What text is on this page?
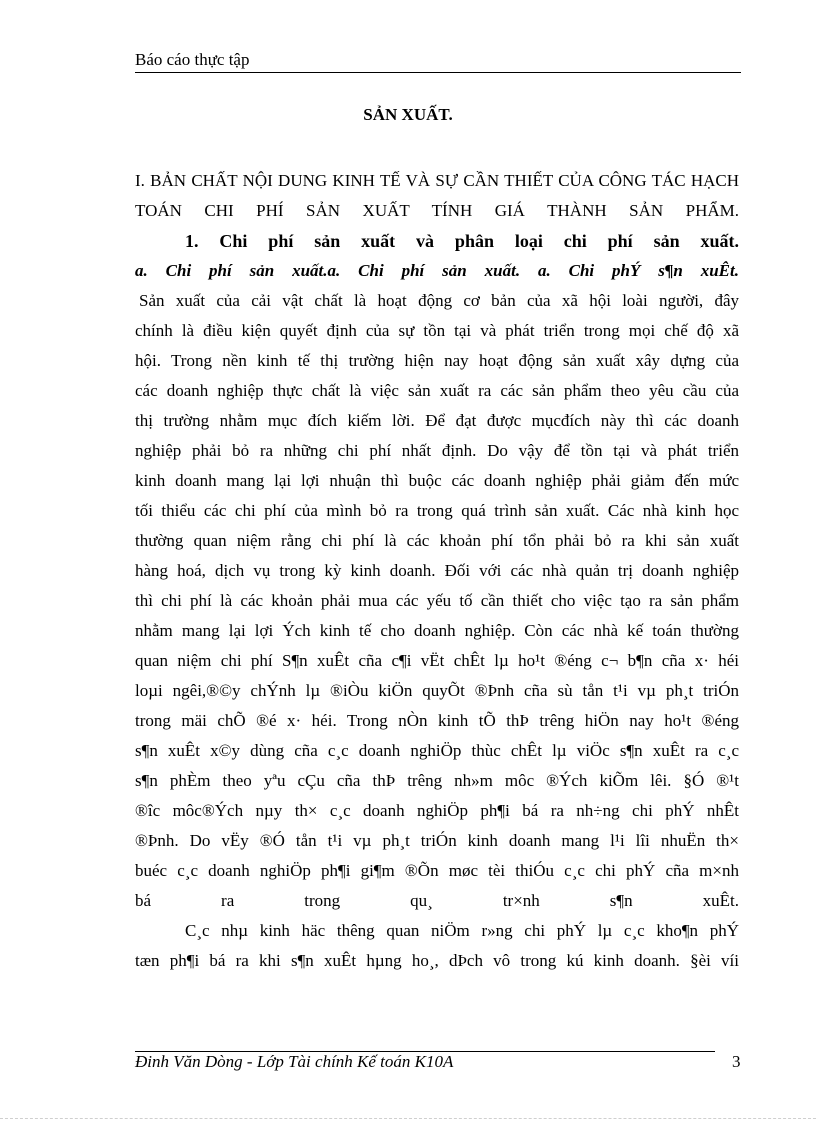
Báo cáo thực tập
SẢN XUẤT.
I. BẢN CHẤT NỘI DUNG KINH TẾ VÀ SỰ CẦN THIẾT CỦA CÔNG TÁC HẠCH
TOÁN CHI PHÍ SẢN XUẤT TÍNH GIÁ THÀNH SẢN PHẨM.
1. Chi phí sản xuất và phân loại chi phí sản xuất.
a. Chi phí sản xuất.a. Chi phí sản xuất. a. Chi phÝ s¶n xuÊt.
Sản xuất của cải vật chất là hoạt động cơ bản của xã hội loài người, đây
chính là điều kiện quyết định của sự tồn tại và phát triển trong mọi chế độ xã
hội. Trong nền kinh tế thị trường hiện nay hoạt động sản xuất xây dựng của
các doanh nghiệp thực chất là việc sản xuất ra các sản phẩm theo yêu cầu của
thị trường nhằm mục đích kiếm lời. Để đạt được mụcđích này thì các doanh
nghiệp phải bỏ ra những chi phí nhất định. Do vậy để tồn tại và phát triển
kinh doanh mang lại lợi nhuận thì buộc các doanh nghiệp phải giảm đến mức
tối thiểu các chi phí của mình bỏ ra trong quá trình sản xuất. Các nhà kinh học
thường quan niệm rằng chi phí là các khoản phí tổn phải bỏ ra khi sản xuất
hàng hoá, dịch vụ trong kỳ kinh doanh. Đối với các nhà quản trị doanh nghiệp
thì chi phí là các khoản phải mua các yếu tố cần thiết cho việc tạo ra sản phẩm
nhằm mang lại lợi Ých kinh tế cho doanh nghiệp. Còn các nhà kế toán thường
quan niệm chi phí S¶n xuÊt cña c¶i vËt chÊt lµ ho¹t ®éng c¬ b¶n cña x· héi
loµi ngêi,®©y chÝnh lµ ®iÒu kiÖn quyÕt ®Þnh cña sù tån t¹i vµ ph¸t triÓn
trong mäi chÕ ®é x· héi. Trong nÒn kinh tÕ thÞ trêng hiÖn nay ho¹t ®éng
s¶n xuÊt x©y dùng cña c¸c doanh nghiÖp thùc chÊt lµ viÖc s¶n xuÊt ra c¸c
s¶n phÈm theo yªu cÇu cña thÞ trêng nh»m môc ®Ých kiÕm lêi. §Ó ®¹t
®îc môc®Ých nµy th× c¸c doanh nghiÖp ph¶i bá ra nh÷ng chi phÝ nhÊt
®Þnh. Do vËy ®Ó tån t¹i vµ ph¸t triÓn kinh doanh mang l¹i lîi nhuËn th×
buéc c¸c doanh nghiÖp ph¶i gi¶m ®Õn møc tèi thiÓu c¸c chi phÝ cña m×nh
bá ra trong qu¸ tr×nh s¶n xuÊt.
C¸c nhµ kinh häc thêng quan niÖm r»ng chi phÝ lµ c¸c kho¶n phÝ
tæn ph¶i bá ra khi s¶n xuÊt hµng ho¸, dÞch vô trong kú kinh doanh. §èi víi
Đinh Văn Dòng - Lớp Tài chính Kế toán K10A	3
